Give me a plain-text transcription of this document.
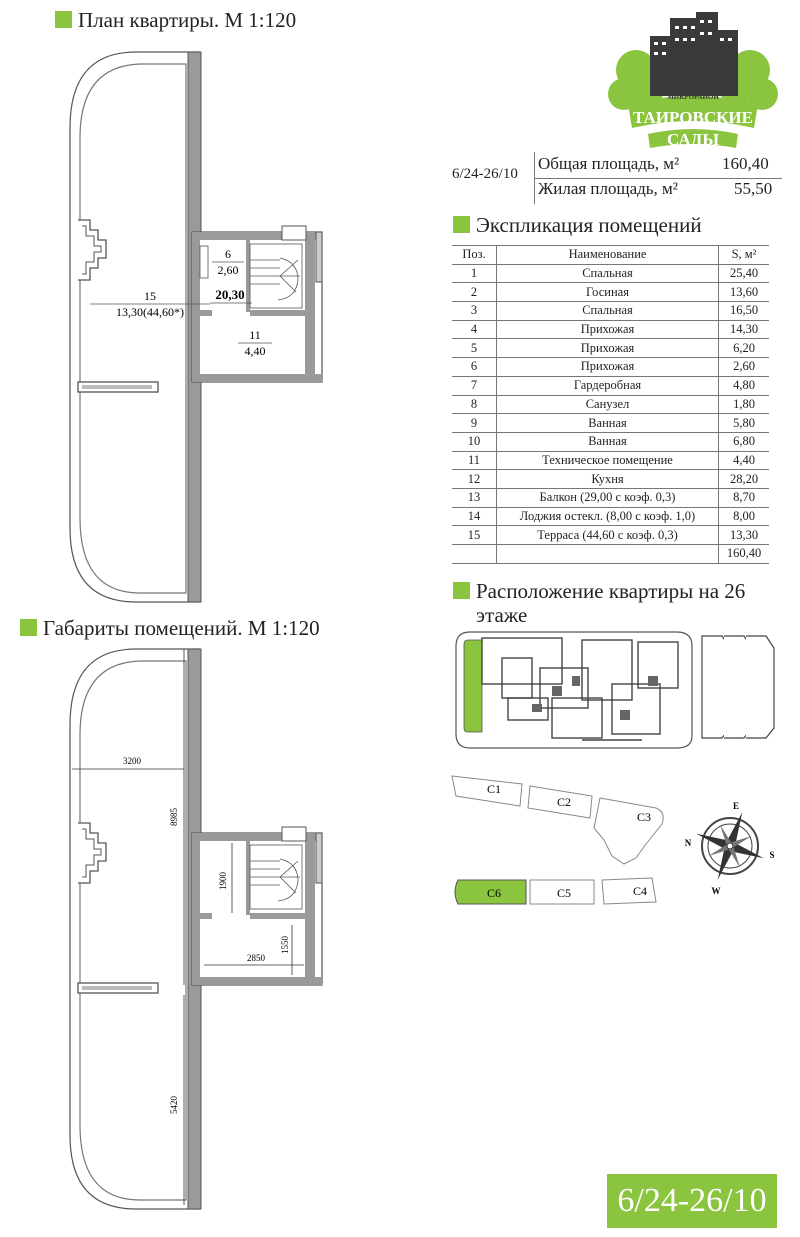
План квартиры. М 1:120
Габариты помещений. М 1:120
15
13,30(44,60*)
6
2,60
20,30
11
4,40
3200
8985
1900
2850
1550
5420
МИКРОРАЙОН
ТАИРОВСКИЕ
САДЫ
6/24-26/10
Общая площадь, м²	160,40
Жилая площадь, м²	55,50
Экспликация помещений
Поз.	Наименование	S, м²
1	Спальная	25,40
2	Госиная	13,60
3	Спальная	16,50
4	Прихожая	14,30
5	Прихожая	6,20
6	Прихожая	2,60
7	Гардеробная	4,80
8	Санузел	1,80
9	Ванная	5,80
10	Ванная	6,80
11	Техническое помещение	4,40
12	Кухня	28,20
13	Балкон (29,00 с коэф. 0,3)	8,70
14	Лоджия остекл. (8,00 с коэф. 1,0)	8,00
15	Терраса (44,60 с коэф. 0,3)	13,30
		160,40
Расположение квартиры на 26 этаже
C1
C2
C3
C4
C5
C6
E
N
S
W
6/24-26/10
